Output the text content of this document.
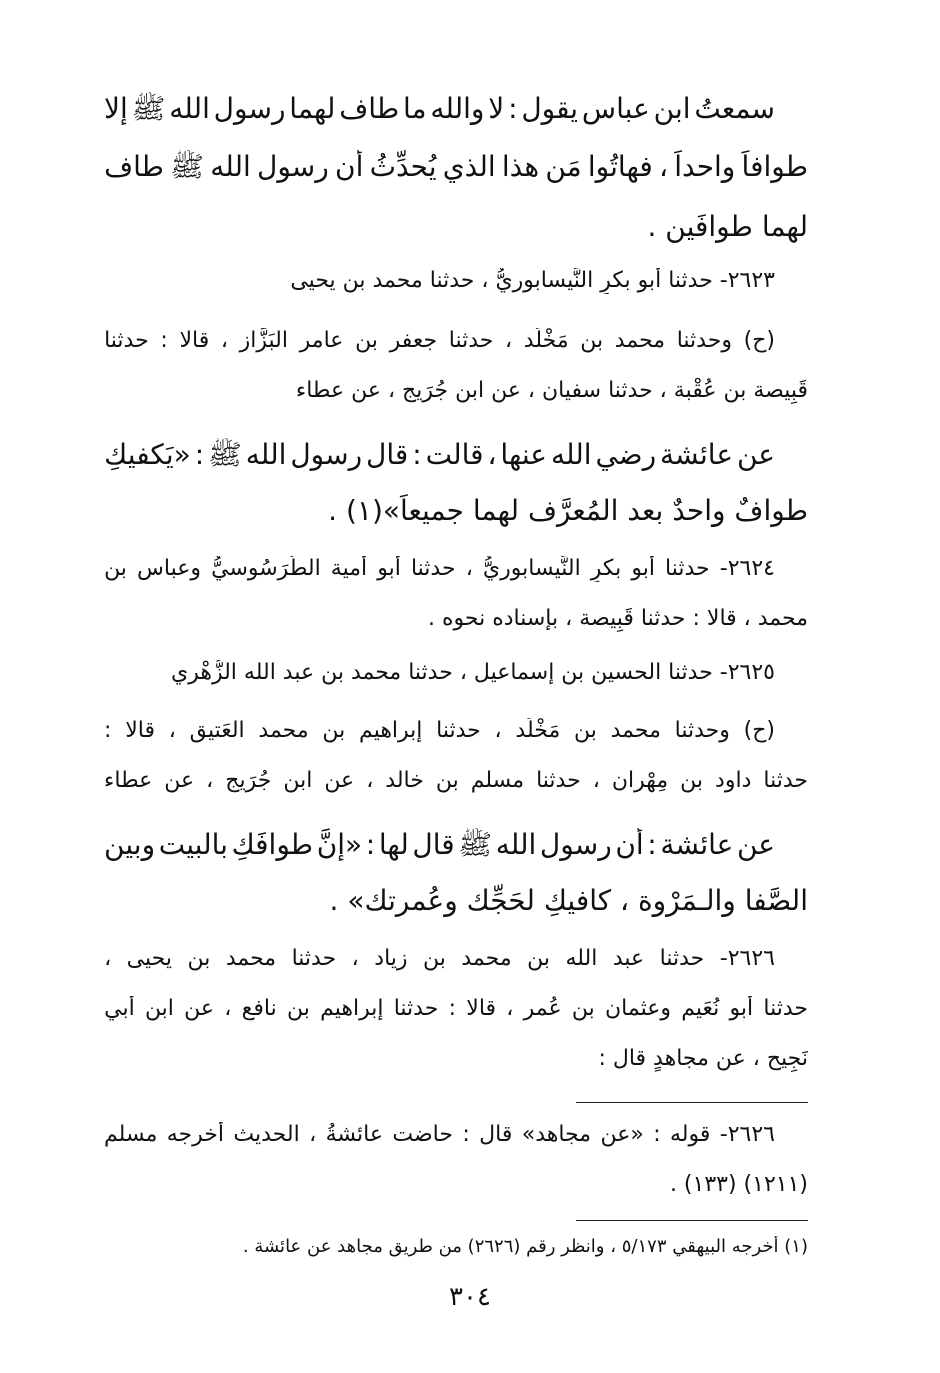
سمعتُ
ابن
عباس
يقول
:
لا
والله
ما
طاف
لهما
رسول
الله
ﷺ
إلا
طوافاً
واحداً
،
فهاتُوا
مَن
هذا
الذي
يُحدِّثُ
أن
رسول
الله
ﷺ
طاف
لهما طوافَين .
٢٦٢٣- حدثنا أبو بكرٍ النَّيسابوريُّ ، حدثنا محمد بن يحيى
(ح)
وحدثنا
محمد
بن
مَخْلَد
،
حدثنا
جعفر
بن
عامر
البَزَّاز
،
قالا
:
حدثنا
قَبِيصة بن عُقْبة ، حدثنا سفيان ، عن ابن جُرَيج ، عن عطاء
عن
عائشة
رضي
الله
عنها
،
قالت
:
قال
رسول
الله
ﷺ
:
«يَكفيكِ
طوافٌ واحدٌ بعد المُعرَّف لهما جميعاً»(١) .
٢٦٢٤-
حدثنا
أبو
بكرٍ
النَّيسابوريُّ
،
حدثنا
أبو
أُمية
الطَّرَسُوسيُّ
وعباس
بن
محمد ، قالا : حدثنا قَبِيصة ، بإسناده نحوه .
٢٦٢٥- حدثنا الحسين بن إسماعيل ، حدثنا محمد بن عبد الله الزُّهْري
(ح)
وحدثنا
محمد
بن
مَخْلَد
،
حدثنا
إبراهيم
بن
محمد
العَتيق
،
قالا
:
حدثنا
داود
بن
مِهْران
،
حدثنا
مسلم
بن
خالد
،
عن
ابن
جُرَيج
،
عن
عطاء
عن
عائشة
:
أن
رسول
الله
ﷺ
قال
لها
:
«إنَّ
طوافَكِ
بالبيت
وبين
الصَّفا والـمَرْوة ، كافيكِ لحَجِّك وعُمرتك» .
٢٦٢٦-
حدثنا
عبد
الله
بن
محمد
بن
زياد
،
حدثنا
محمد
بن
يحيى
،
حدثنا
أبو
نُعَيم
وعثمان
بن
عُمر
،
قالا
:
حدثنا
إبراهيم
بن
نافعٍ
،
عن
ابن
أبي
نَجِيح ، عن مجاهدٍ قال :
٢٦٢٦-
قوله
:
«عن
مجاهد»
قال
:
حاضت
عائشةُ
،
الحديث
أخرجه
مسلم
(١٢١١) (١٣٣) .
(١) أخرجه البيهقي ٥/١٧٣ ، وانظر رقم (٢٦٢٦) من طريق مجاهد عن عائشة .
٣٠٤
